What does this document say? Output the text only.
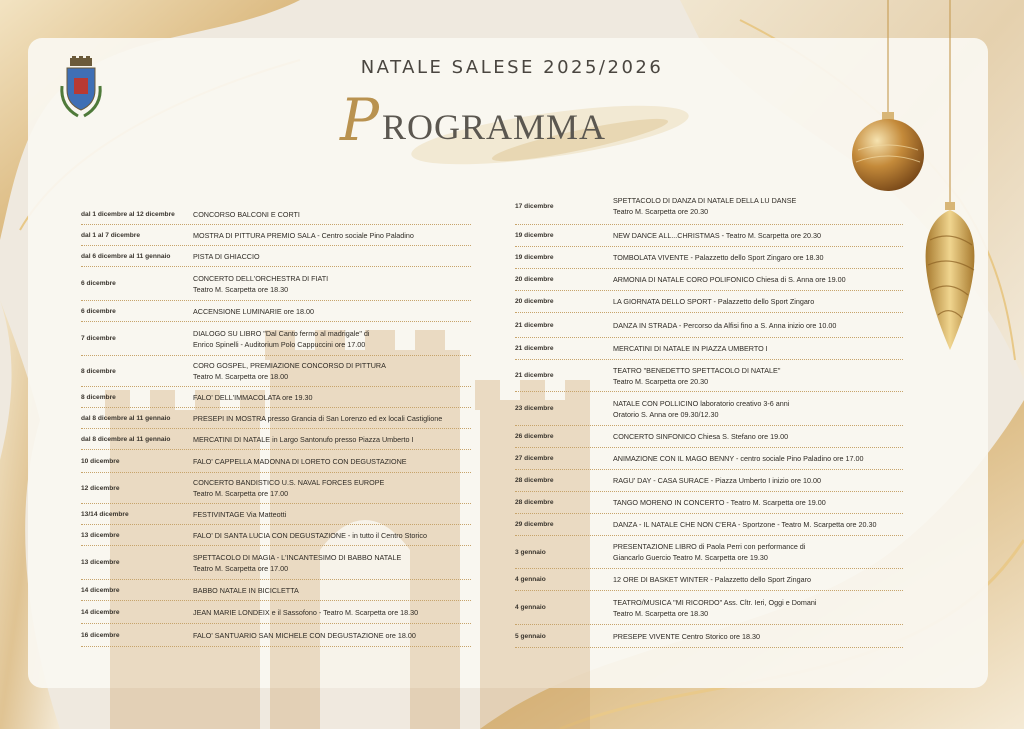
NATALE SALESE 2025/2026
P ROGRAMMA
dal 1 dicembre al 12 dicembre	CONCORSO BALCONI E CORTI
dal 1 al 7 dicembre	MOSTRA DI PITTURA PREMIO SALA - Centro sociale Pino Paladino
dal 6 dicembre al 11 gennaio	PISTA DI GHIACCIO
6 dicembre
CONCERTO DELL'ORCHESTRA DI FIATI
Teatro M. Scarpetta ore 18.30
6 dicembre	ACCENSIONE LUMINARIE ore 18.00
7 dicembre
DIALOGO SU LIBRO "Dal Canto fermo al madrigale" di
Enrico Spinelli - Auditorium Polo Cappuccini ore 17.00
8 dicembre
CORO GOSPEL, PREMIAZIONE CONCORSO DI PITTURA
Teatro M. Scarpetta ore 18.00
8 dicembre	FALO' DELL'IMMACOLATA ore 19.30
dal 8 dicembre al 11 gennaio	PRESEPI IN MOSTRA presso Grancia di San Lorenzo ed ex locali Castiglione
dal 8 dicembre al 11 gennaio	MERCATINI DI NATALE in Largo Santonufo presso Piazza Umberto I
10 dicembre	FALO' CAPPELLA MADONNA DI LORETO CON DEGUSTAZIONE
12 dicembre
CONCERTO BANDISTICO U.S. NAVAL FORCES EUROPE
Teatro M. Scarpetta ore 17.00
13/14 dicembre	FESTIVINTAGE Via Matteotti
13 dicembre	FALO' DI SANTA LUCIA CON DEGUSTAZIONE - in tutto il Centro Storico
13 dicembre
SPETTACOLO DI MAGIA - L'INCANTESIMO DI BABBO NATALE
Teatro M. Scarpetta ore 17.00
14 dicembre	BABBO NATALE IN BICICLETTA
14 dicembre	JEAN MARIE LONDEIX e il Sassofono - Teatro M. Scarpetta ore 18.30
16 dicembre	FALO' SANTUARIO SAN MICHELE CON DEGUSTAZIONE ore 18.00
17 dicembre
SPETTACOLO DI DANZA DI NATALE DELLA LU DANSE
Teatro M. Scarpetta ore 20.30
19 dicembre	NEW DANCE ALL...CHRISTMAS - Teatro M. Scarpetta ore 20.30
19 dicembre	TOMBOLATA VIVENTE - Palazzetto dello Sport Zingaro ore 18.30
20 dicembre	ARMONIA DI NATALE CORO POLIFONICO Chiesa di S. Anna ore 19.00
20 dicembre	LA GIORNATA DELLO SPORT - Palazzetto dello Sport Zingaro
21 dicembre	DANZA IN STRADA - Percorso da Alfisi fino a S. Anna inizio ore 10.00
21 dicembre	MERCATINI DI NATALE IN PIAZZA UMBERTO I
21 dicembre
TEATRO "BENEDETTO SPETTACOLO DI NATALE"
Teatro M. Scarpetta ore 20.30
23 dicembre
NATALE CON POLLICINO laboratorio creativo 3-6 anni
Oratorio S. Anna ore 09.30/12.30
26 dicembre	CONCERTO SINFONICO Chiesa S. Stefano ore 19.00
27 dicembre	ANIMAZIONE CON IL MAGO BENNY - centro sociale Pino Paladino ore 17.00
28 dicembre	RAGU' DAY - CASA SURACE - Piazza Umberto I inizio ore 10.00
28 dicembre	TANGO MORENO IN CONCERTO - Teatro M. Scarpetta ore 19.00
29 dicembre	DANZA - IL NATALE CHE NON C'ERA - Sportzone - Teatro M. Scarpetta ore 20.30
3 gennaio
PRESENTAZIONE LIBRO di Paola Perri con performance di
Giancarlo Guercio Teatro M. Scarpetta ore 19.30
4 gennaio	12 ORE DI BASKET WINTER - Palazzetto dello Sport Zingaro
4 gennaio
TEATRO/MUSICA "MI RICORDO" Ass. Cltr. Ieri, Oggi e Domani
Teatro M. Scarpetta ore 18.30
5 gennaio	PRESEPE VIVENTE Centro Storico ore 18.30
